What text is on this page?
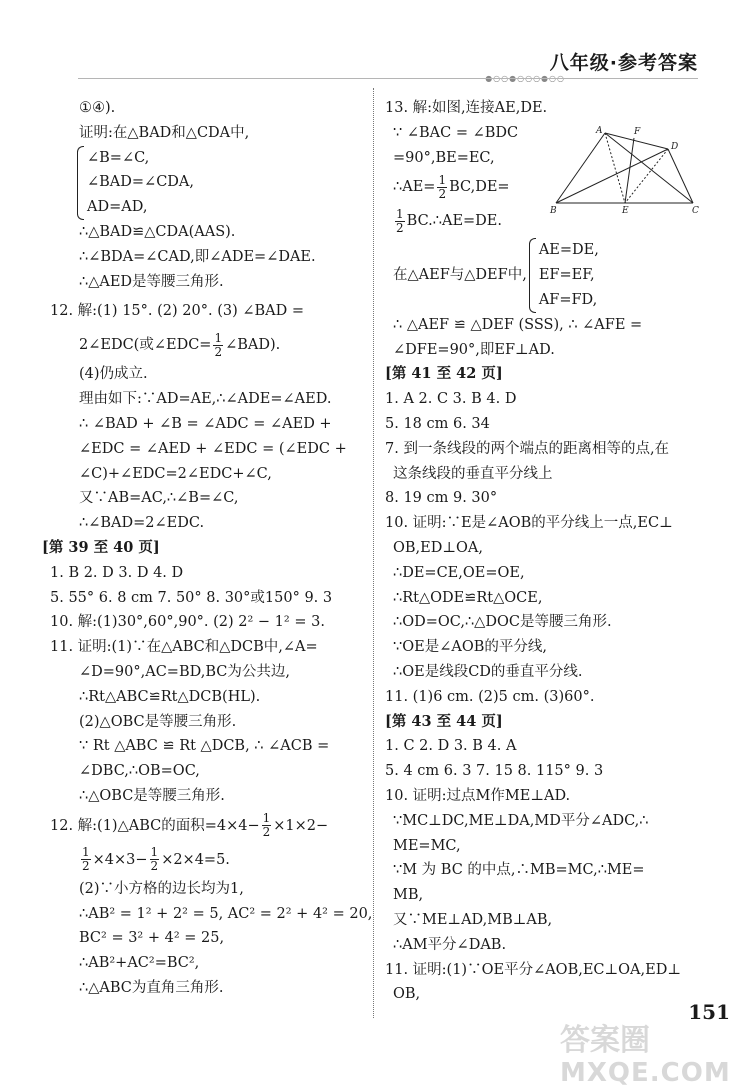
八年级·参考答案
●○○●○○○●○○
①④).
证明:在△BAD和△CDA中,
∠B=∠C,
∠BAD=∠CDA,
AD=AD,
∴△BAD≌△CDA(AAS).
∴∠BDA=∠CAD,即∠ADE=∠DAE.
∴△AED是等腰三角形.
12. 解:(1) 15°. (2) 20°. (3) ∠BAD =
2∠EDC(或∠EDC= $\frac{1}{2}$ ∠BAD).
(4)仍成立.
理由如下:∵AD=AE,∴∠ADE=∠AED.
∴ ∠BAD + ∠B = ∠ADC = ∠AED +
∠EDC = ∠AED + ∠EDC = (∠EDC +
∠C)+∠EDC=2∠EDC+∠C,
又∵AB=AC,∴∠B=∠C,
∴∠BAD=2∠EDC.
[第 39 至 40 页]
1. B 2. D 3. D 4. D
5. 55° 6. 8 cm 7. 50° 8. 30°或150° 9. 3
10. 解:(1)30°,60°,90°. (2) 2² − 1² = 3.
11. 证明:(1)∵在△ABC和△DCB中,∠A=
∠D=90°,AC=BD,BC为公共边,
∴Rt△ABC≌Rt△DCB(HL).
(2)△OBC是等腰三角形.
∵ Rt △ABC ≌ Rt △DCB, ∴ ∠ACB =
∠DBC,∴OB=OC,
∴△OBC是等腰三角形.
12. 解:(1)△ABC的面积$=4\times 4- \frac{1}{2} \times 1\times 2-$
$\frac{1}{2} \times 4\times 3- \frac{1}{2} \times 2\times 4=5$.
(2)∵小方格的边长均为1,
∴AB² = 1² + 2² = 5, AC² = 2² + 4² = 20,
BC² = 3² + 4² = 25,
∴AB²+AC²=BC²,
∴△ABC为直角三角形.
13. 解:如图,连接AE,DE.
∵ ∠BAC = ∠BDC
=90°,BE=EC,
∴AE= $\frac{1}{2} BC,DE=$
$\frac{1}{2}$ BC.∴AE=DE.
在△AEF与△DEF中,
AE=DE,
EF=EF,
AF=FD,
∴ △AEF ≌ △DEF (SSS), ∴ ∠AFE =
∠DFE=90°,即EF⊥AD.
[第 41 至 42 页]
1. A 2. C 3. B 4. D
5. 18 cm 6. 34
7. 到一条线段的两个端点的距离相等的点,在
这条线段的垂直平分线上
8. 19 cm 9. 30°
10. 证明:∵E是∠AOB的平分线上一点,EC⊥
OB,ED⊥OA,
∴DE=CE,OE=OE,
∴Rt△ODE≌Rt△OCE,
∴OD=OC,∴△DOC是等腰三角形.
∵OE是∠AOB的平分线,
∴OE是线段CD的垂直平分线.
11. (1)6 cm. (2)5 cm. (3)60°.
[第 43 至 44 页]
1. C 2. D 3. B 4. A
5. 4 cm 6. 3 7. 15 8. 115° 9. 3
10. 证明:过点M作ME⊥AD.
∵MC⊥DC,ME⊥DA,MD平分∠ADC,∴
ME=MC,
∵M 为 BC 的中点,∴MB=MC,∴ME=
MB,
又∵ME⊥AD,MB⊥AB,
∴AM平分∠DAB.
11. 证明:(1)∵OE平分∠AOB,EC⊥OA,ED⊥
OB,
A	F
D
B	E	C
151
答案圈
MXQE.COM
